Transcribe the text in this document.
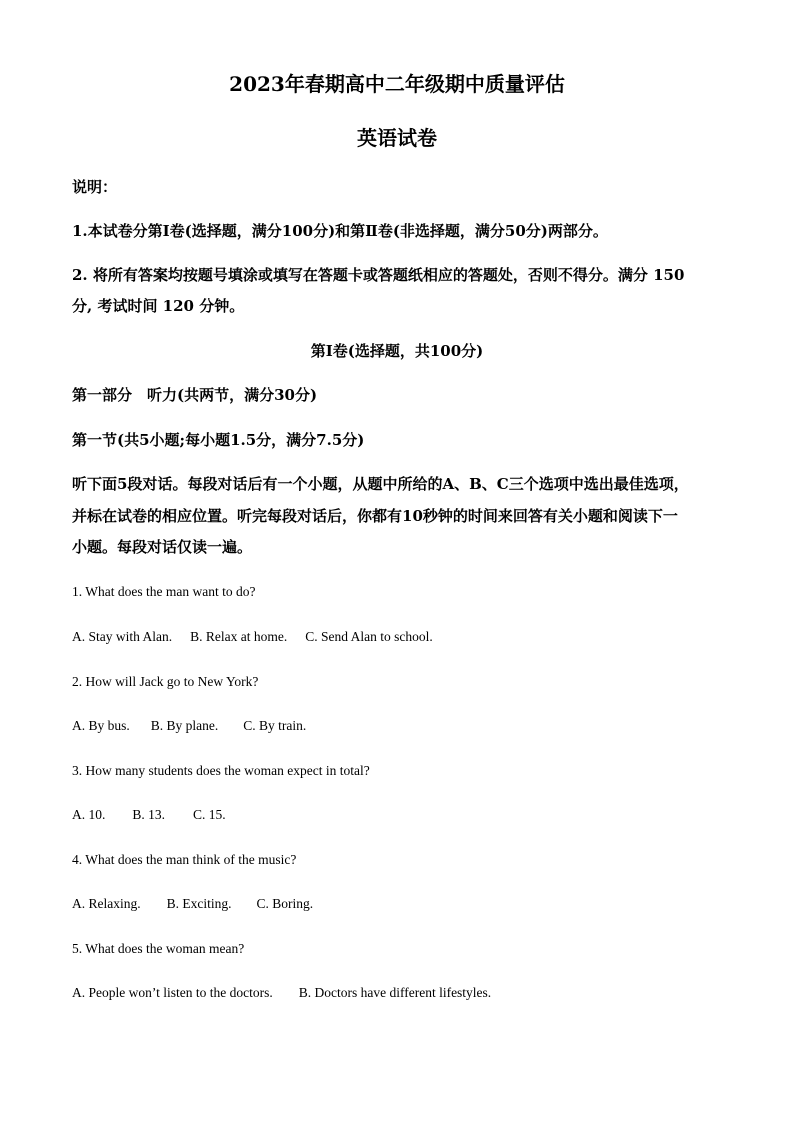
2023年春期高中二年级期中质量评估
英语试卷
说明：
1.本试卷分第Ⅰ卷(选择题，满分100分)和第Ⅱ卷(非选择题，满分50分)两部分。
2. 将所有答案均按题号填涂或填写在答题卡或答题纸相应的答题处，否则不得分。满分 150
分, 考试时间 120 分钟。
第Ⅰ卷(选择题，共100分)
第一部分　听力(共两节，满分30分)
第一节(共5小题;每小题1.5分，满分7.5分)
听下面5段对话。每段对话后有一个小题，从题中所给的A、B、C三个选项中选出最佳选项，
并标在试卷的相应位置。听完每段对话后，你都有10秒钟的时间来回答有关小题和阅读下一
小题。每段对话仅读一遍。
1. What does the man want to do?
A. Stay with Alan. B. Relax at home. C. Send Alan to school.
2. How will Jack go to New York?
A. By bus. B. By plane. C. By train.
3. How many students does the woman expect in total?
A. 10. B. 13. C. 15.
4. What does the man think of the music?
A. Relaxing. B. Exciting. C. Boring.
5. What does the woman mean?
A. People won’t listen to the doctors. B. Doctors have different lifestyles.
